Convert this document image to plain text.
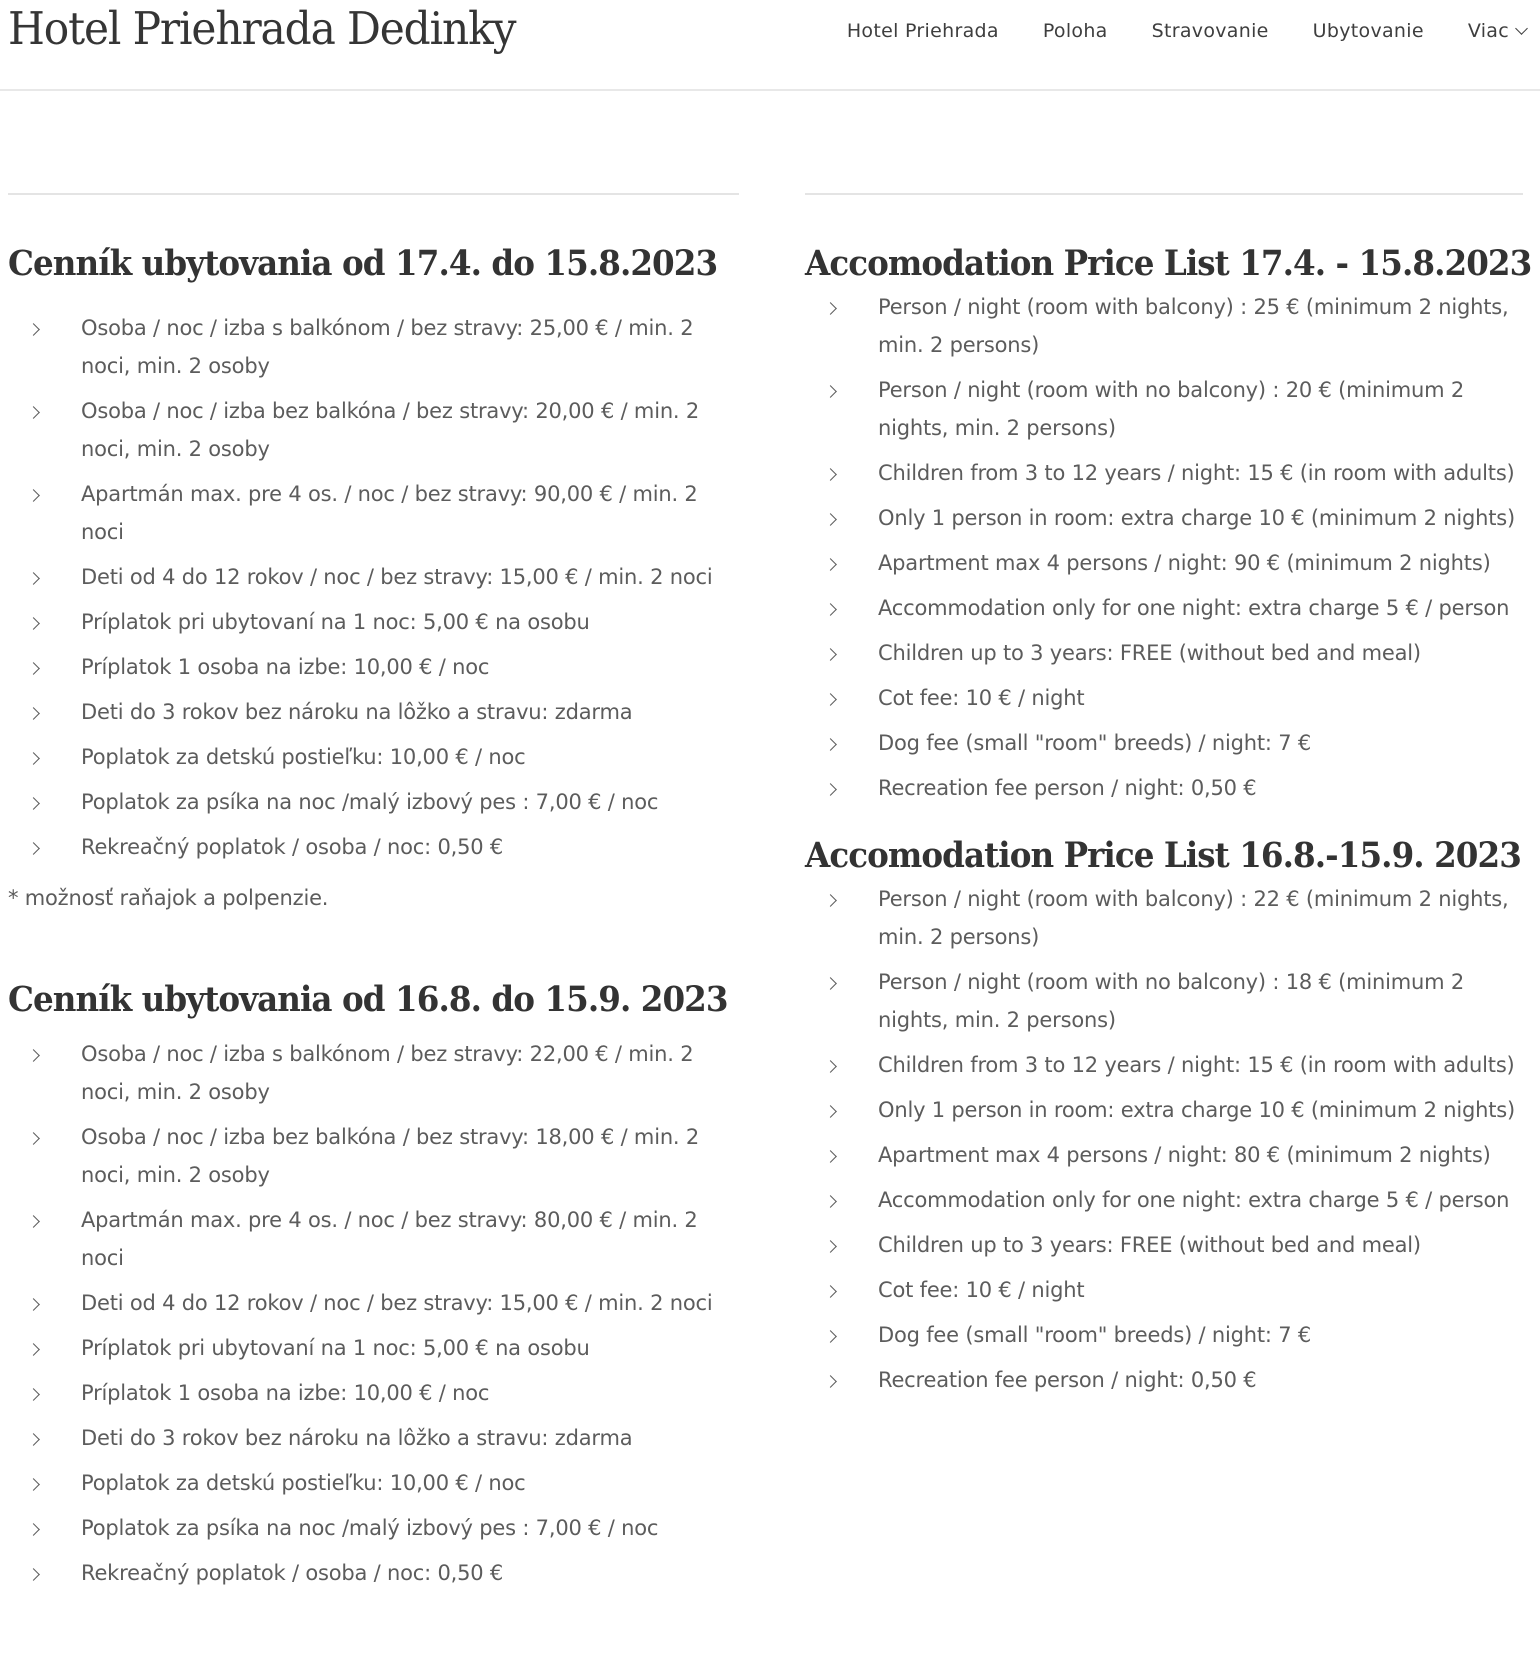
Hotel Priehrada Dedinky	Hotel Priehrada Poloha Stravovanie Ubytovanie Viac
Cenník ubytovania od 17.4. do 15.8.2023
Osoba / noc / izba s balkónom / bez stravy: 25,00 € / min. 2 noci, min. 2 osoby
Osoba / noc / izba bez balkóna / bez stravy: 20,00 € / min. 2 noci, min. 2 osoby
Apartmán max. pre 4 os. / noc / bez stravy: 90,00 € / min. 2 noci
Deti od 4 do 12 rokov / noc / bez stravy: 15,00 € / min. 2 noci
Príplatok pri ubytovaní na 1 noc: 5,00 € na osobu
Príplatok 1 osoba na izbe: 10,00 € / noc
Deti do 3 rokov bez nároku na lôžko a stravu: zdarma
Poplatok za detskú postieľku: 10,00 € / noc
Poplatok za psíka na noc /malý izbový pes : 7,00 € / noc
Rekreačný poplatok / osoba / noc: 0,50 €

* možnosť raňajok a polpenzie.

Cenník ubytovania od 16.8. do 15.9. 2023
Osoba / noc / izba s balkónom / bez stravy: 22,00 € / min. 2 noci, min. 2 osoby
Osoba / noc / izba bez balkóna / bez stravy: 18,00 € / min. 2 noci, min. 2 osoby
Apartmán max. pre 4 os. / noc / bez stravy: 80,00 € / min. 2 noci
Deti od 4 do 12 rokov / noc / bez stravy: 15,00 € / min. 2 noci
Príplatok pri ubytovaní na 1 noc: 5,00 € na osobu
Príplatok 1 osoba na izbe: 10,00 € / noc
Deti do 3 rokov bez nároku na lôžko a stravu: zdarma
Poplatok za detskú postieľku: 10,00 € / noc
Poplatok za psíka na noc /malý izbový pes : 7,00 € / noc
Rekreačný poplatok / osoba / noc: 0,50 €
Accomodation Price List 17.4. - 15.8.2023
Person / night (room with balcony) : 25 € (minimum 2 nights, min. 2 persons)
Person / night (room with no balcony) : 20 € (minimum 2 nights, min. 2 persons)
Children from 3 to 12 years / night: 15 € (in room with adults)
Only 1 person in room: extra charge 10 € (minimum 2 nights)
Apartment max 4 persons / night: 90 € (minimum 2 nights)
Accommodation only for one night: extra charge 5 € / person
Children up to 3 years: FREE (without bed and meal)
Cot fee: 10 € / night
Dog fee (small "room" breeds) / night: 7 €
Recreation fee person / night: 0,50 €
Accomodation Price List 16.8.-15.9. 2023
Person / night (room with balcony) : 22 € (minimum 2 nights, min. 2 persons)
Person / night (room with no balcony) : 18 € (minimum 2 nights, min. 2 persons)
Children from 3 to 12 years / night: 15 € (in room with adults)
Only 1 person in room: extra charge 10 € (minimum 2 nights)
Apartment max 4 persons / night: 80 € (minimum 2 nights)
Accommodation only for one night: extra charge 5 € / person
Children up to 3 years: FREE (without bed and meal)
Cot fee: 10 € / night
Dog fee (small "room" breeds) / night: 7 €
Recreation fee person / night: 0,50 €
